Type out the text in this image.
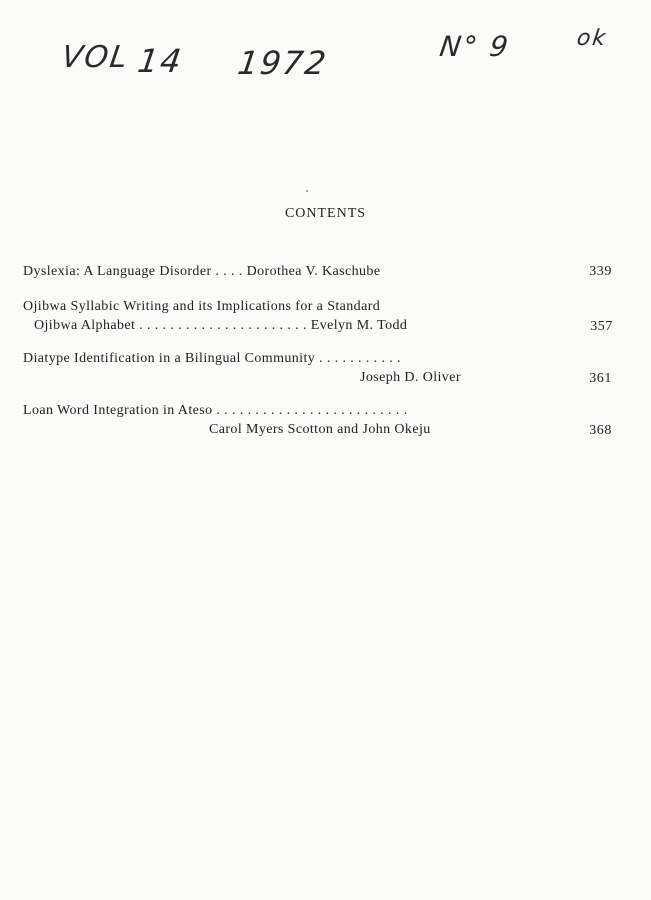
VOL 14 1972	N° 9	ok
CONTENTS
Dyslexia: A Language Disorder . . . . Dorothea V. Kaschube	339
Ojibwa Syllabic Writing and its Implications for a Standard
Ojibwa Alphabet . . . . . . . . . . . . . . . . . . . . . . Evelyn M. Todd	357
Diatype Identification in a Bilingual Community . . . . . . . . . . .
Joseph D. Oliver	361
Loan Word Integration in Ateso . . . . . . . . . . . . . . . . . . . . . . . . .
Carol Myers Scotton and John Okeju	368
